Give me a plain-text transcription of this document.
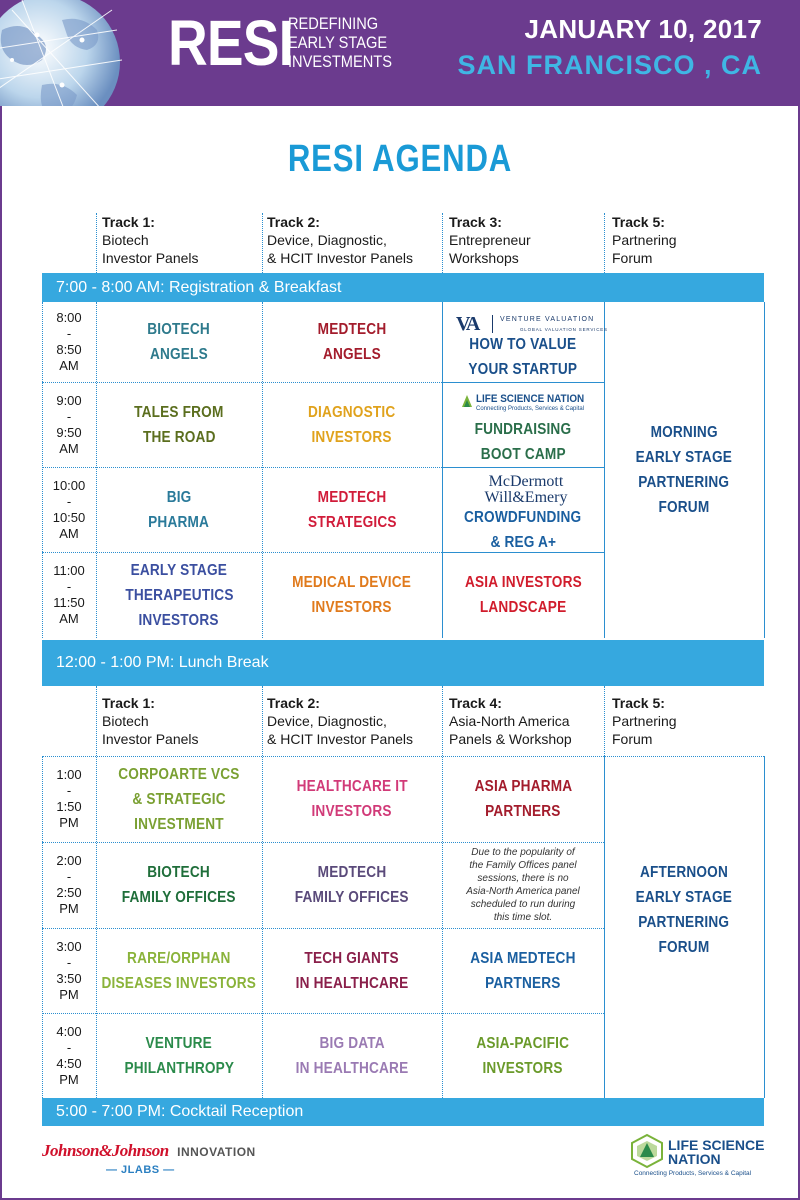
RESI
REDEFINING
EARLY STAGE
INVESTMENTS
JANUARY 10, 2017
SAN FRANCISCO , CA
RESI AGENDA
Track 1:
Biotech
Investor Panels
Track 2:
Device, Diagnostic,
& HCIT Investor Panels
Track 3:
Entrepreneur
Workshops
Track 5:
Partnering
Forum
7:00 - 8:00 AM: Registration & Breakfast
8:00
-
8:50
AM
9:00
-
9:50
AM
10:00
-
10:50
AM
11:00
-
11:50
AM
BIOTECH
ANGELS
TALES FROM
THE ROAD
BIG
PHARMA
EARLY STAGE
THERAPEUTICS
INVESTORS
MEDTECH
ANGELS
DIAGNOSTIC
INVESTORS
MEDTECH
STRATEGICS
MEDICAL DEVICE
INVESTORS
VA	VENTURE VALUATION
GLOBAL VALUATION SERVICES
HOW TO VALUE
YOUR STARTUP
LIFE SCIENCE NATION
Connecting Products, Services & Capital
FUNDRAISING
BOOT CAMP
McDermott
Will&Emery
CROWDFUNDING
& REG A+
ASIA INVESTORS
LANDSCAPE
MORNING
EARLY STAGE
PARTNERING
FORUM
12:00 - 1:00 PM: Lunch Break
Track 1:
Biotech
Investor Panels
Track 2:
Device, Diagnostic,
& HCIT Investor Panels
Track 4:
Asia-North America
Panels & Workshop
Track 5:
Partnering
Forum
1:00
-
1:50
PM
2:00
-
2:50
PM
3:00
-
3:50
PM
4:00
-
4:50
PM
CORPOARTE VCS
& STRATEGIC
INVESTMENT
BIOTECH
FAMILY OFFICES
RARE/ORPHAN
DISEASES INVESTORS
VENTURE
PHILANTHROPY
HEALTHCARE IT
INVESTORS
MEDTECH
FAMILY OFFICES
TECH GIANTS
IN HEALTHCARE
BIG DATA
IN HEALTHCARE
ASIA PHARMA
PARTNERS
Due to the popularity of
the Family Offices panel
sessions, there is no
Asia-North America panel
scheduled to run during
this time slot.
ASIA MEDTECH
PARTNERS
ASIA-PACIFIC
INVESTORS
AFTERNOON
EARLY STAGE
PARTNERING
FORUM
5:00 - 7:00 PM: Cocktail Reception
Johnson&Johnson INNOVATION
— JLABS —
LIFE SCIENCE
NATION
Connecting Products, Services & Capital
